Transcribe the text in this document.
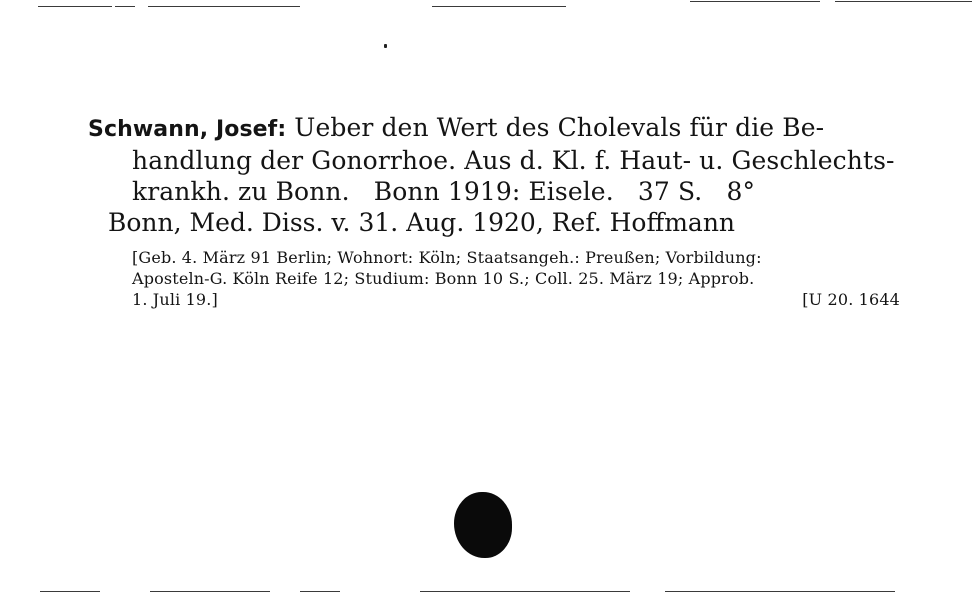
Schwann, Josef: Ueber den Wert des Cholevals für die Be-
handlung der Gonorrhoe. Aus d. Kl. f. Haut- u. Geschlechts-
krankh. zu Bonn.   Bonn 1919: Eisele.   37 S.   8°
Bonn, Med. Diss. v. 31. Aug. 1920, Ref. Hoffmann
[Geb. 4. März 91 Berlin; Wohnort: Köln; Staatsangeh.: Preußen; Vorbildung:
Aposteln-G. Köln Reife 12; Studium: Bonn 10 S.; Coll. 25. März 19; Approb.
1. Juli 19.]	[U 20. 1644
